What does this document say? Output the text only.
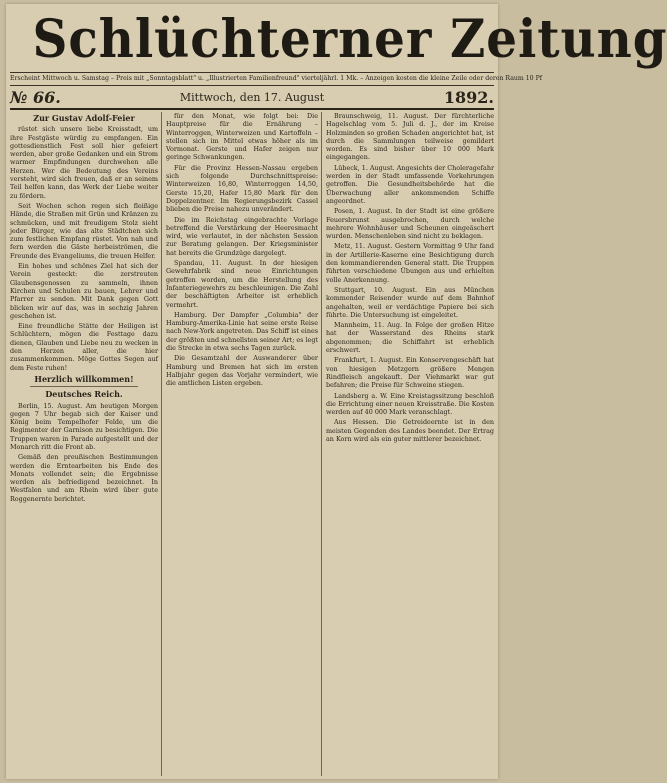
Schlüchterner Zeitung
Erscheint Mittwoch u. Samstag – Preis mit „Sonntagsblatt" u. „Illustrierten Familienfreund" vierteljährl. 1 Mk. – Anzeigen kosten die kleine Zeile oder deren Raum 10 Pf
№ 66.	Mittwoch, den 17. August	1892.
Zur Gustav Adolf-Feier

rüstet sich unsere liebe Kreisstadt, um ihre Festgäste würdig zu empfangen. Ein gottesdienstlich Fest soll hier gefeiert werden, aber große Gedanken und ein Strom warmer Empfindungen durchwehen alle Herzen. Wer die Bedeutung des Vereins versteht, wird sich freuen, daß er an seinem Teil helfen kann, das Werk der Liebe weiter zu fördern.

Seit Wochen schon regen sich fleißige Hände, die Straßen mit Grün und Kränzen zu schmücken, und mit freudigem Stolz sieht jeder Bürger, wie das alte Städtchen sich zum festlichen Empfang rüstet. Von nah und fern werden die Gäste herbeiströmen, die Freunde des Evangeliums, die treuen Helfer.

Ein hohes und schönes Ziel hat sich der Verein gesteckt: die zerstreuten Glaubensgenossen zu sammeln, ihnen Kirchen und Schulen zu bauen, Lehrer und Pfarrer zu senden. Mit Dank gegen Gott blicken wir auf das, was in sechzig Jahren geschehen ist.

Eine freundliche Stätte der Heiligen ist Schlüchtern, mögen die Festtage dazu dienen, Glauben und Liebe neu zu wecken in den Herzen aller, die hier zusammenkommen. Möge Gottes Segen auf dem Feste ruhen!

Herzlich willkommen!
Deutsches Reich.

Berlin, 15. August. Am heutigen Morgen gegen 7 Uhr begab sich der Kaiser und König beim Tempelhofer Felde, um die Regimenter der Garnison zu besichtigen. Die Truppen waren in Parade aufgestellt und der Monarch ritt die Front ab.

Gemäß den preußischen Bestimmungen werden die Erntearbeiten bis Ende des Monats vollendet sein; die Ergebnisse werden als befriedigend bezeichnet. In Westfalen und am Rhein wird über gute Roggenernte berichtet.

für den Monat, wie folgt bei: Die Hauptpreise für die Ernährung – Winterroggen, Winterweizen und Kartoffeln – stellen sich im Mittel etwas höher als im Vormonat. Gerste und Hafer zeigen nur geringe Schwankungen.

Für die Provinz Hessen-Nassau ergeben sich folgende Durchschnittspreise: Winterweizen 16,80, Winterroggen 14,50, Gerste 15,20, Hafer 15,80 Mark für den Doppelzentner. Im Regierungsbezirk Cassel blieben die Preise nahezu unverändert.

Die im Reichstag eingebrachte Vorlage betreffend die Verstärkung der Heeresmacht wird, wie verlautet, in der nächsten Session zur Beratung gelangen. Der Kriegsminister hat bereits die Grundzüge dargelegt.

Spandau, 11. August. In der hiesigen Gewehrfabrik sind neue Einrichtungen getroffen worden, um die Herstellung des Infanteriegewehrs zu beschleunigen. Die Zahl der beschäftigten Arbeiter ist erheblich vermehrt.

Hamburg. Der Dampfer „Columbia" der Hamburg-Amerika-Linie hat seine erste Reise nach New-York angetreten. Das Schiff ist eines der größten und schnellsten seiner Art; es legt die Strecke in etwa sechs Tagen zurück.

Die Gesamtzahl der Auswanderer über Hamburg und Bremen hat sich im ersten Halbjahr gegen das Vorjahr vermindert, wie die amtlichen Listen ergeben.

Braunschweig, 11. August. Der fürchterliche Hagelschlag vom 5. Juli d. J., der im Kreise Holzminden so großen Schaden angerichtet hat, ist durch die Sammlungen teilweise gemildert worden. Es sind bisher über 10 000 Mark eingegangen.

Lübeck, 1. August. Angesichts der Choleragefahr werden in der Stadt umfassende Vorkehrungen getroffen. Die Gesundheitsbehörde hat die Überwachung aller ankommenden Schiffe angeordnet.

Posen, 1. August. In der Stadt ist eine größere Feuersbrunst ausgebrochen, durch welche mehrere Wohnhäuser und Scheunen eingeäschert wurden. Menschenleben sind nicht zu beklagen.

Metz, 11. August. Gestern Vormittag 9 Uhr fand in der Artillerie-Kaserne eine Besichtigung durch den kommandierenden General statt. Die Truppen führten verschiedene Übungen aus und erhielten volle Anerkennung.

Stuttgart, 10. August. Ein aus München kommender Reisender wurde auf dem Bahnhof angehalten, weil er verdächtige Papiere bei sich führte. Die Untersuchung ist eingeleitet.

Mannheim, 11. Aug. In Folge der großen Hitze hat der Wasserstand des Rheins stark abgenommen; die Schiffahrt ist erheblich erschwert.

Frankfurt, 1. August. Ein Konservengeschäft hat von hiesigen Metzgern größere Mengen Rindfleisch angekauft. Der Viehmarkt war gut befahren; die Preise für Schweine stiegen.

Landsberg a. W. Eine Kreistagssitzung beschloß die Errichtung einer neuen Kreisstraße. Die Kosten werden auf 40 000 Mark veranschlagt.

Aus Hessen. Die Getreideernte ist in den meisten Gegenden des Landes beendet. Der Ertrag an Korn wird als ein guter mittlerer bezeichnet.
